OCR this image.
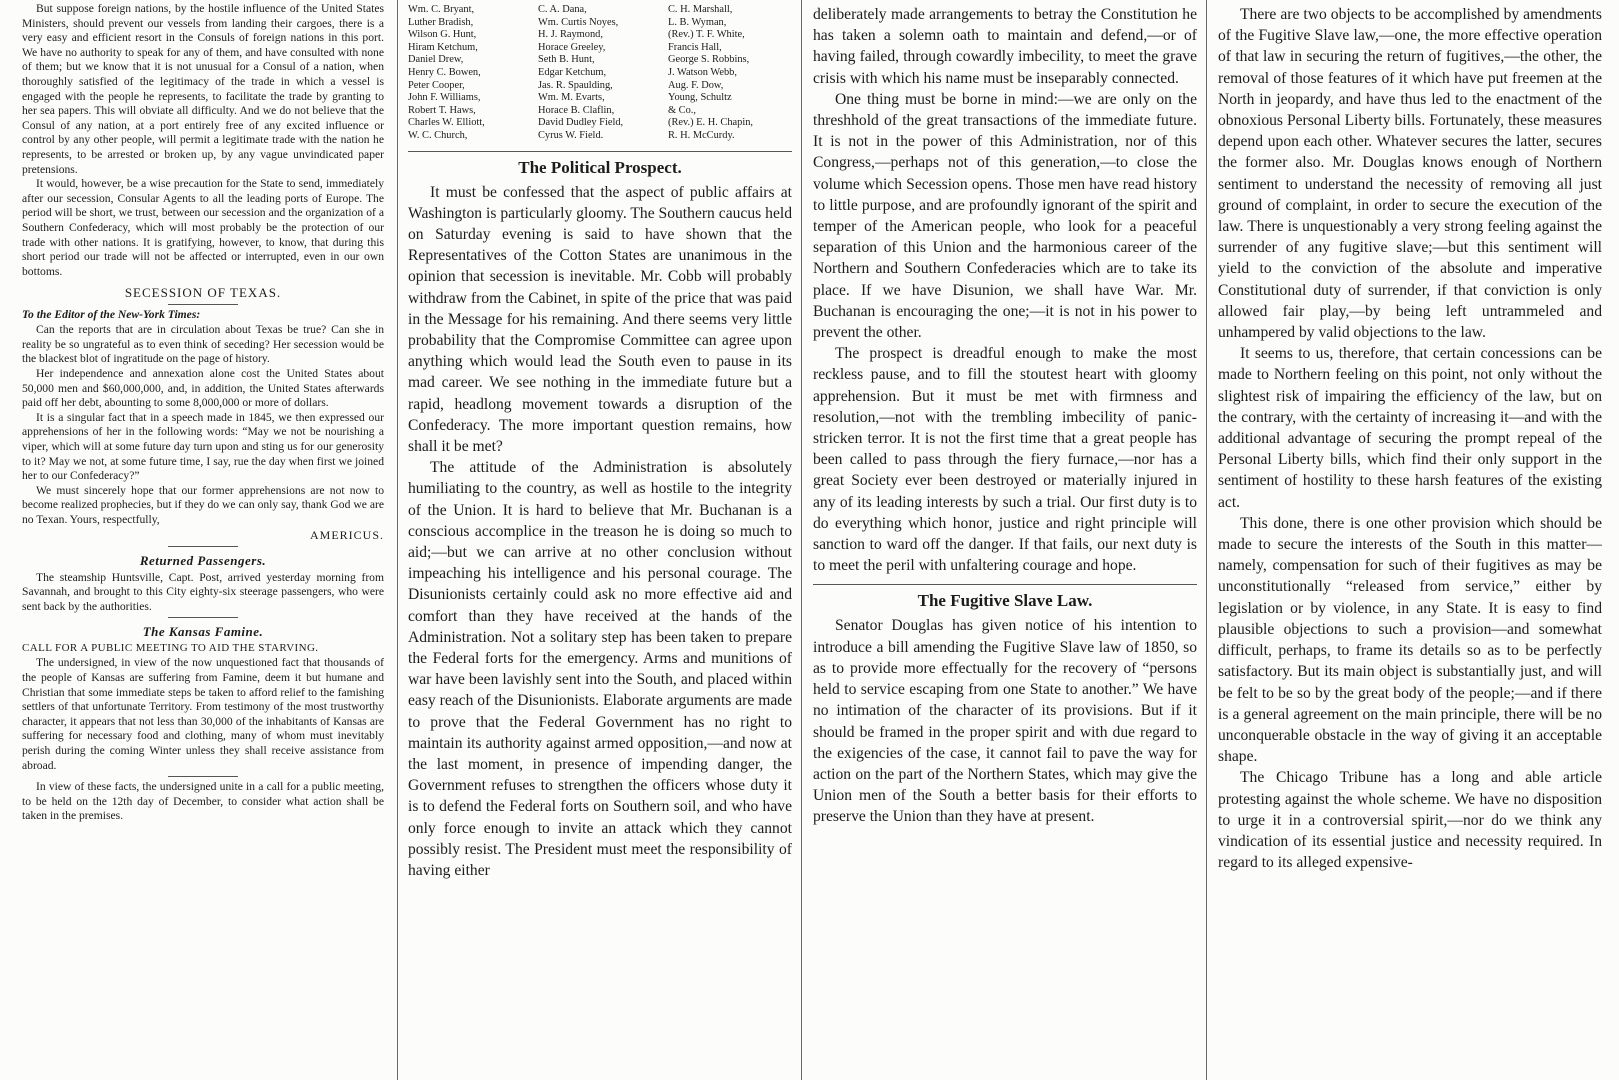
But suppose foreign nations, by the hostile influence of the United States Ministers, should prevent our vessels from landing their cargoes, there is a very easy and efficient resort in the Consuls of foreign nations in this port. We have no authority to speak for any of them, and have consulted with none of them; but we know that it is not unusual for a Consul of a nation, when thoroughly satisfied of the legitimacy of the trade in which a vessel is engaged with the people he represents, to facilitate the trade by granting to her sea papers. This will obviate all difficulty. And we do not believe that the Consul of any nation, at a port entirely free of any excited influence or control by any other people, will permit a legitimate trade with the nation he represents, to be arrested or broken up, by any vague unvindicated paper pretensions.

It would, however, be a wise precaution for the State to send, immediately after our secession, Consular Agents to all the leading ports of Europe. The period will be short, we trust, between our secession and the organization of a Southern Confederacy, which will most probably be the protection of our trade with other nations. It is gratifying, however, to know, that during this short period our trade will not be affected or interrupted, even in our own bottoms.

SECESSION OF TEXAS.

To the Editor of the New-York Times:

Can the reports that are in circulation about Texas be true? Can she in reality be so ungrateful as to even think of seceding? Her secession would be the blackest blot of ingratitude on the page of history.

Her independence and annexation alone cost the United States about 50,000 men and $60,000,000, and, in addition, the United States afterwards paid off her debt, abounting to some 8,000,000 or more of dollars.

It is a singular fact that in a speech made in 1845, we then expressed our apprehensions of her in the following words: “May we not be nourishing a viper, which will at some future day turn upon and sting us for our generosity to it? May we not, at some future time, I say, rue the day when first we joined her to our Confederacy?”

We must sincerely hope that our former apprehensions are not now to become realized prophecies, but if they do we can only say, thank God we are no Texan. Yours, respectfully,

AMERICUS.

Returned Passengers.

The steamship Huntsville, Capt. Post, arrived yesterday morning from Savannah, and brought to this City eighty-six steerage passengers, who were sent back by the authorities.

The Kansas Famine.

CALL FOR A PUBLIC MEETING TO AID THE STARVING.

The undersigned, in view of the now unquestioned fact that thousands of the people of Kansas are suffering from Famine, deem it but humane and Christian that some immediate steps be taken to afford relief to the famishing settlers of that unfortunate Territory. From testimony of the most trustworthy character, it appears that not less than 30,000 of the inhabitants of Kansas are suffering for necessary food and clothing, many of whom must inevitably perish during the coming Winter unless they shall receive assistance from abroad.

In view of these facts, the undersigned unite in a call for a public meeting, to be held on the 12th day of December, to consider what action shall be taken in the premises.

Wm. C. Bryant,	C. A. Dana,	C. H. Marshall,
Luther Bradish,	Wm. Curtis Noyes,	L. B. Wyman,
Wilson G. Hunt,	H. J. Raymond,	(Rev.) T. F. White,
Hiram Ketchum,	Horace Greeley,	Francis Hall,
Daniel Drew,	Seth B. Hunt,	George S. Robbins,
Henry C. Bowen,	Edgar Ketchum,	J. Watson Webb,
Peter Cooper,	Jas. R. Spaulding,	Aug. F. Dow,
John F. Williams,	Wm. M. Evarts,	Young, Schultz
Robert T. Haws,	Horace B. Claflin,	& Co.,
Charles W. Elliott,	David Dudley Field,	(Rev.) E. H. Chapin,
W. C. Church,	Cyrus W. Field.	R. H. McCurdy.
The Political Prospect.

It must be confessed that the aspect of public affairs at Washington is particularly gloomy. The Southern caucus held on Saturday evening is said to have shown that the Representatives of the Cotton States are unanimous in the opinion that secession is inevitable. Mr. Cobb will probably withdraw from the Cabinet, in spite of the price that was paid in the Message for his remaining. And there seems very little probability that the Compromise Committee can agree upon anything which would lead the South even to pause in its mad career. We see nothing in the immediate future but a rapid, headlong movement towards a disruption of the Confederacy. The more important question remains, how shall it be met?

The attitude of the Administration is absolutely humiliating to the country, as well as hostile to the integrity of the Union. It is hard to believe that Mr. Buchanan is a conscious accomplice in the treason he is doing so much to aid;—but we can arrive at no other conclusion without impeaching his intelligence and his personal courage. The Disunionists certainly could ask no more effective aid and comfort than they have received at the hands of the Administration. Not a solitary step has been taken to prepare the Federal forts for the emergency. Arms and munitions of war have been lavishly sent into the South, and placed within easy reach of the Disunionists. Elaborate arguments are made to prove that the Federal Government has no right to maintain its authority against armed opposition,—and now at the last moment, in presence of impending danger, the Government refuses to strengthen the officers whose duty it is to defend the Federal forts on Southern soil, and who have only force enough to invite an attack which they cannot possibly resist. The President must meet the responsibility of having either

deliberately made arrangements to betray the Constitution he has taken a solemn oath to maintain and defend,—or of having failed, through cowardly imbecility, to meet the grave crisis with which his name must be inseparably connected.

One thing must be borne in mind:—we are only on the threshhold of the great transactions of the immediate future. It is not in the power of this Administration, nor of this Congress,—perhaps not of this generation,—to close the volume which Secession opens. Those men have read history to little purpose, and are profoundly ignorant of the spirit and temper of the American people, who look for a peaceful separation of this Union and the harmonious career of the Northern and Southern Confederacies which are to take its place. If we have Disunion, we shall have War. Mr. Buchanan is encouraging the one;—it is not in his power to prevent the other.

The prospect is dreadful enough to make the most reckless pause, and to fill the stoutest heart with gloomy apprehension. But it must be met with firmness and resolution,—not with the trembling imbecility of panic-stricken terror. It is not the first time that a great people has been called to pass through the fiery furnace,—nor has a great Society ever been destroyed or materially injured in any of its leading interests by such a trial. Our first duty is to do everything which honor, justice and right principle will sanction to ward off the danger. If that fails, our next duty is to meet the peril with unfaltering courage and hope.

The Fugitive Slave Law.

Senator Douglas has given notice of his intention to introduce a bill amending the Fugitive Slave law of 1850, so as to provide more effectually for the recovery of “persons held to service escaping from one State to another.” We have no intimation of the character of its provisions. But if it should be framed in the proper spirit and with due regard to the exigencies of the case, it cannot fail to pave the way for action on the part of the Northern States, which may give the Union men of the South a better basis for their efforts to preserve the Union than they have at present.

There are two objects to be accomplished by amendments of the Fugitive Slave law,—one, the more effective operation of that law in securing the return of fugitives,—the other, the removal of those features of it which have put freemen at the North in jeopardy, and have thus led to the enactment of the obnoxious Personal Liberty bills. Fortunately, these measures depend upon each other. Whatever secures the latter, secures the former also. Mr. Douglas knows enough of Northern sentiment to understand the necessity of removing all just ground of complaint, in order to secure the execution of the law. There is unquestionably a very strong feeling against the surrender of any fugitive slave;—but this sentiment will yield to the conviction of the absolute and imperative Constitutional duty of surrender, if that conviction is only allowed fair play,—by being left untrammeled and unhampered by valid objections to the law.

It seems to us, therefore, that certain concessions can be made to Northern feeling on this point, not only without the slightest risk of impairing the efficiency of the law, but on the contrary, with the certainty of increasing it—and with the additional advantage of securing the prompt repeal of the Personal Liberty bills, which find their only support in the sentiment of hostility to these harsh features of the existing act.

This done, there is one other provision which should be made to secure the interests of the South in this matter—namely, compensation for such of their fugitives as may be unconstitutionally “released from service,” either by legislation or by violence, in any State. It is easy to find plausible objections to such a provision—and somewhat difficult, perhaps, to frame its details so as to be perfectly satisfactory. But its main object is substantially just, and will be felt to be so by the great body of the people;—and if there is a general agreement on the main principle, there will be no unconquerable obstacle in the way of giving it an acceptable shape.

The Chicago Tribune has a long and able article protesting against the whole scheme. We have no disposition to urge it in a controversial spirit,—nor do we think any vindication of its essential justice and necessity required. In regard to its alleged expensive-
